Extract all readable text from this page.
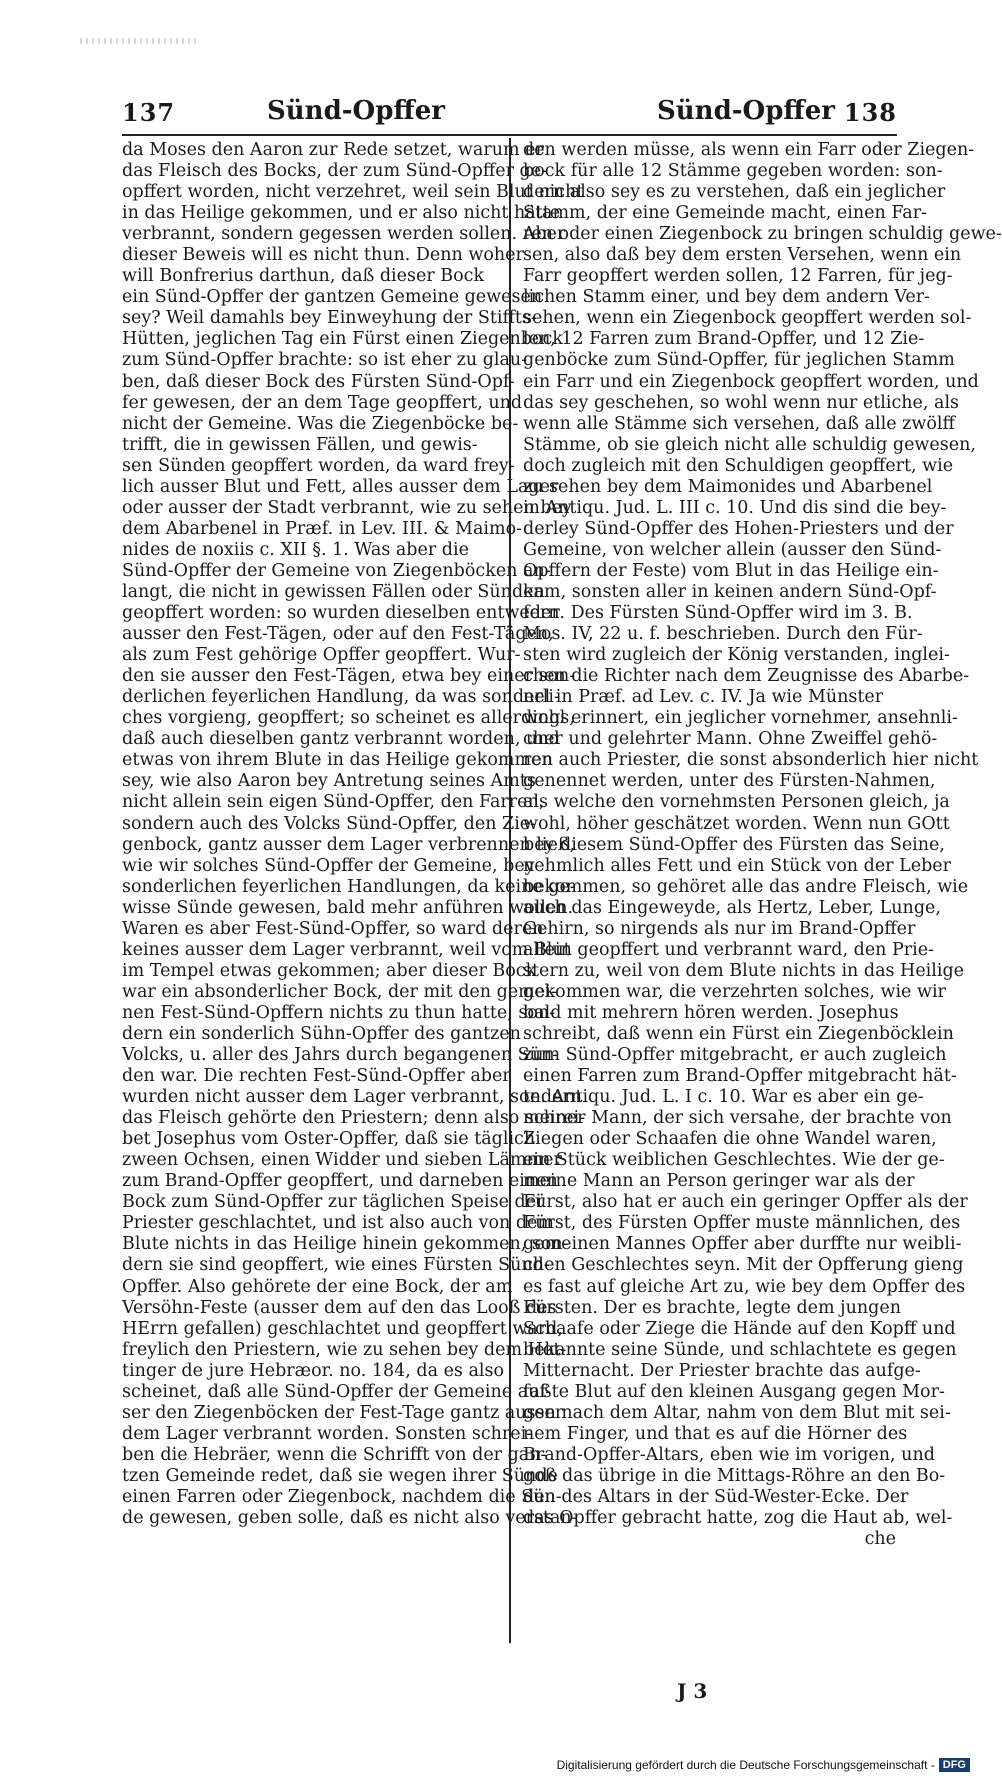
137	Sünd-Opffer	Sünd-Opffer 138
da Moses den Aaron zur Rede setzet, warum er
das Fleisch des Bocks, der zum Sünd-Opffer ge-
opffert worden, nicht verzehret, weil sein Blut nicht
in das Heilige gekommen, und er also nicht hätte
verbrannt, sondern gegessen werden sollen. Aber
dieser Beweis will es nicht thun. Denn woher
will Bonfrerius darthun, daß dieser Bock
ein Sünd-Opffer der gantzen Gemeine gewesen
sey? Weil damahls bey Einweyhung der Stiffts-
Hütten, jeglichen Tag ein Fürst einen Ziegenbock
zum Sünd-Opffer brachte: so ist eher zu glau-
ben, daß dieser Bock des Fürsten Sünd-Opf-
fer gewesen, der an dem Tage geopffert, und
nicht der Gemeine. Was die Ziegenböcke be-
trifft, die in gewissen Fällen, und gewis-
sen Sünden geopffert worden, da ward frey-
lich ausser Blut und Fett, alles ausser dem Lager
oder ausser der Stadt verbrannt, wie zu sehen bey
dem Abarbenel in Præf. in Lev. III. & Maimo-
nides de noxiis c. XII §. 1. Was aber die
Sünd-Opffer der Gemeine von Ziegenböcken an-
langt, die nicht in gewissen Fällen oder Sünden
geopffert worden: so wurden dieselben entweder
ausser den Fest-Tägen, oder auf den Fest-Tägen,
als zum Fest gehörige Opffer geopffert. Wur-
den sie ausser den Fest-Tägen, etwa bey einer son-
derlichen feyerlichen Handlung, da was sonderli-
ches vorgieng, geopffert; so scheinet es allerdings,
daß auch dieselben gantz verbrannt worden, und
etwas von ihrem Blute in das Heilige gekommen
sey, wie also Aaron bey Antretung seines Amts
nicht allein sein eigen Sünd-Opffer, den Farren,
sondern auch des Volcks Sünd-Opffer, den Zie-
genbock, gantz ausser dem Lager verbrennen ließ,
wie wir solches Sünd-Opffer der Gemeine, bey
sonderlichen feyerlichen Handlungen, da keine ge-
wisse Sünde gewesen, bald mehr anführen wollen.
Waren es aber Fest-Sünd-Opffer, so ward deren
keines ausser dem Lager verbrannt, weil vom Blut
im Tempel etwas gekommen; aber dieser Bock
war ein absonderlicher Bock, der mit den gemei-
nen Fest-Sünd-Opffern nichts zu thun hatte, son-
dern ein sonderlich Sühn-Opffer des gantzen
Volcks, u. aller des Jahrs durch begangenen Sün-
den war. Die rechten Fest-Sünd-Opffer aber
wurden nicht ausser dem Lager verbrannt, sondern
das Fleisch gehörte den Priestern; denn also schrei-
bet Josephus vom Oster-Opffer, daß sie täglich
zween Ochsen, einen Widder und sieben Lämmer
zum Brand-Opffer geopffert, und darneben einen
Bock zum Sünd-Opffer zur täglichen Speise der
Priester geschlachtet, und ist also auch von dem
Blute nichts in das Heilige hinein gekommen, son-
dern sie sind geopffert, wie eines Fürsten Sünd-
Opffer. Also gehörete der eine Bock, der am
Versöhn-Feste (ausser dem auf den das Looß des
HErrn gefallen) geschlachtet und geopffert ward,
freylich den Priestern, wie zu sehen bey dem Hot-
tinger de jure Hebræor. no. 184, da es also
scheinet, daß alle Sünd-Opffer der Gemeine auf-
ser den Ziegenböcken der Fest-Tage gantz ausser
dem Lager verbrannt worden. Sonsten schrei-
ben die Hebräer, wenn die Schrifft von der gan-
tzen Gemeinde redet, daß sie wegen ihrer Sünde
einen Farren oder Ziegenbock, nachdem die Sün-
de gewesen, geben solle, daß es nicht also verstan-
den werden müsse, als wenn ein Farr oder Ziegen-
bock für alle 12 Stämme gegeben worden: son-
dern also sey es zu verstehen, daß ein jeglicher
Stamm, der eine Gemeinde macht, einen Far-
ren oder einen Ziegenbock zu bringen schuldig gewe-
sen, also daß bey dem ersten Versehen, wenn ein
Farr geopffert werden sollen, 12 Farren, für jeg-
lichen Stamm einer, und bey dem andern Ver-
sehen, wenn ein Ziegenbock geopffert werden sol-
len, 12 Farren zum Brand-Opffer, und 12 Zie-
genböcke zum Sünd-Opffer, für jeglichen Stamm
ein Farr und ein Ziegenbock geopffert worden, und
das sey geschehen, so wohl wenn nur etliche, als
wenn alle Stämme sich versehen, daß alle zwölff
Stämme, ob sie gleich nicht alle schuldig gewesen,
doch zugleich mit den Schuldigen geopffert, wie
zu sehen bey dem Maimonides und Abarbenel
in Antiqu. Jud. L. III c. 10. Und dis sind die bey-
derley Sünd-Opffer des Hohen-Priesters und der
Gemeine, von welcher allein (ausser den Sünd-
Opffern der Feste) vom Blut in das Heilige ein-
kam, sonsten aller in keinen andern Sünd-Opf-
fern. Des Fürsten Sünd-Opffer wird im 3. B.
Mos. IV, 22 u. f. beschrieben. Durch den Für-
sten wird zugleich der König verstanden, inglei-
chen die Richter nach dem Zeugnisse des Abarbe-
nel in Præf. ad Lev. c. IV. Ja wie Münster
wohl erinnert, ein jeglicher vornehmer, ansehnli-
cher und gelehrter Mann. Ohne Zweiffel gehö-
ren auch Priester, die sonst absonderlich hier nicht
genennet werden, unter des Fürsten-Nahmen,
als welche den vornehmsten Personen gleich, ja
wohl, höher geschätzet worden. Wenn nun GOtt
bey diesem Sünd-Opffer des Fürsten das Seine,
nehmlich alles Fett und ein Stück von der Leber
bekommen, so gehöret alle das andre Fleisch, wie
auch das Eingeweyde, als Hertz, Leber, Lunge,
Gehirn, so nirgends als nur im Brand-Opffer
allein geopffert und verbrannt ward, den Prie-
stern zu, weil von dem Blute nichts in das Heilige
gekommen war, die verzehrten solches, wie wir
bald mit mehrern hören werden. Josephus
schreibt, daß wenn ein Fürst ein Ziegenböcklein
zum Sünd-Opffer mitgebracht, er auch zugleich
einen Farren zum Brand-Opffer mitgebracht hät-
te. Antiqu. Jud. L. I c. 10. War es aber ein ge-
meiner Mann, der sich versahe, der brachte von
Ziegen oder Schaafen die ohne Wandel waren,
ein Stück weiblichen Geschlechtes. Wie der ge-
meine Mann an Person geringer war als der
Fürst, also hat er auch ein geringer Opffer als der
Fürst, des Fürsten Opffer muste männlichen, des
gemeinen Mannes Opffer aber durffte nur weibli-
chen Geschlechtes seyn. Mit der Opfferung gieng
es fast auf gleiche Art zu, wie bey dem Opffer des
Fürsten. Der es brachte, legte dem jungen
Schaafe oder Ziege die Hände auf den Kopff und
bekannte seine Sünde, und schlachtete es gegen
Mitternacht. Der Priester brachte das aufge-
faßte Blut auf den kleinen Ausgang gegen Mor-
gen nach dem Altar, nahm von dem Blut mit sei-
nem Finger, und that es auf die Hörner des
Brand-Opffer-Altars, eben wie im vorigen, und
goß das übrige in die Mittags-Röhre an den Bo-
den des Altars in der Süd-Wester-Ecke. Der
das Opffer gebracht hatte, zog die Haut ab, wel-
che
J 3
Digitalisierung gefördert durch die Deutsche Forschungsgemeinschaft - DFG
